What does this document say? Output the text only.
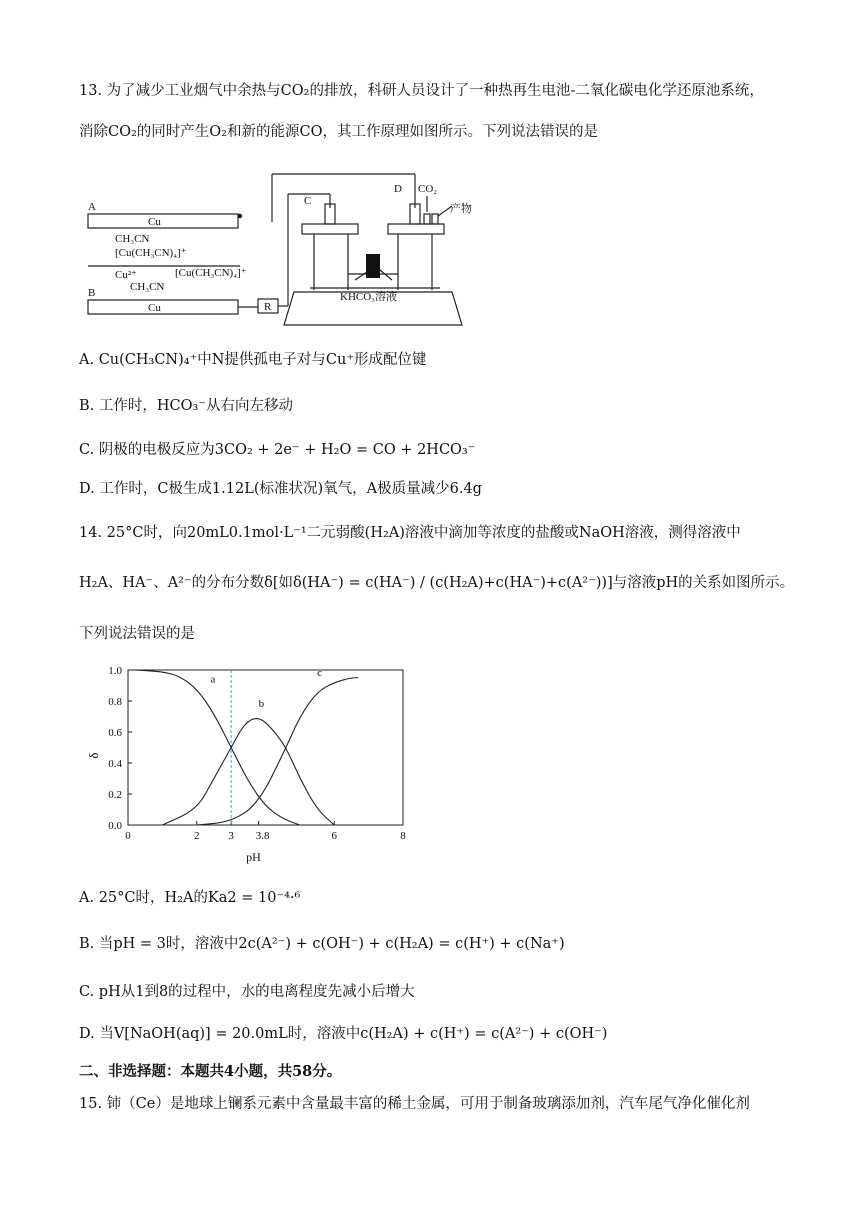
13. 为了减少工业烟气中余热与CO₂的排放，科研人员设计了一种热再生电池-二氧化碳电化学还原池系统，
消除CO₂的同时产生O₂和新的能源CO，其工作原理如图所示。下列说法错误的是
A
B
Cu
Cu
CH₃CN
[Cu(CH₃CN)₄]⁺
Cu²⁺	[Cu(CH₃CN)₄]⁺
CH₃CN
R
C
D CO₂
产物
KHCO₃溶液
A. Cu(CH₃CN)₄⁺中N提供孤电子对与Cu⁺形成配位键
B. 工作时，HCO₃⁻从右向左移动
C. 阴极的电极反应为3CO₂ + 2e⁻ + H₂O = CO + 2HCO₃⁻
D. 工作时，C极生成1.12L(标准状况)氧气，A极质量减少6.4g
14. 25°C时，向20mL0.1mol·L⁻¹二元弱酸(H₂A)溶液中滴加等浓度的盐酸或NaOH溶液，测得溶液中
H₂A、HA⁻、A²⁻的分布分数δ[如δ(HA⁻) = c(HA⁻) / (c(H₂A)+c(HA⁻)+c(A²⁻))]与溶液pH的关系如图所示。
下列说法错误的是
0.0
0.2
0.4
0.6
0.8
1.0
0	2	3 3.8	6	8
a
b
c
pH
δ
A. 25°C时，H₂A的Ka2 = 10⁻⁴·⁶
B. 当pH = 3时，溶液中2c(A²⁻) + c(OH⁻) + c(H₂A) = c(H⁺) + c(Na⁺)
C. pH从1到8的过程中，水的电离程度先减小后增大
D. 当V[NaOH(aq)] = 20.0mL时，溶液中c(H₂A) + c(H⁺) = c(A²⁻) + c(OH⁻)
二、非选择题：本题共4小题，共58分。
15. 铈（Ce）是地球上镧系元素中含量最丰富的稀土金属，可用于制备玻璃添加剂，汽车尾气净化催化剂
